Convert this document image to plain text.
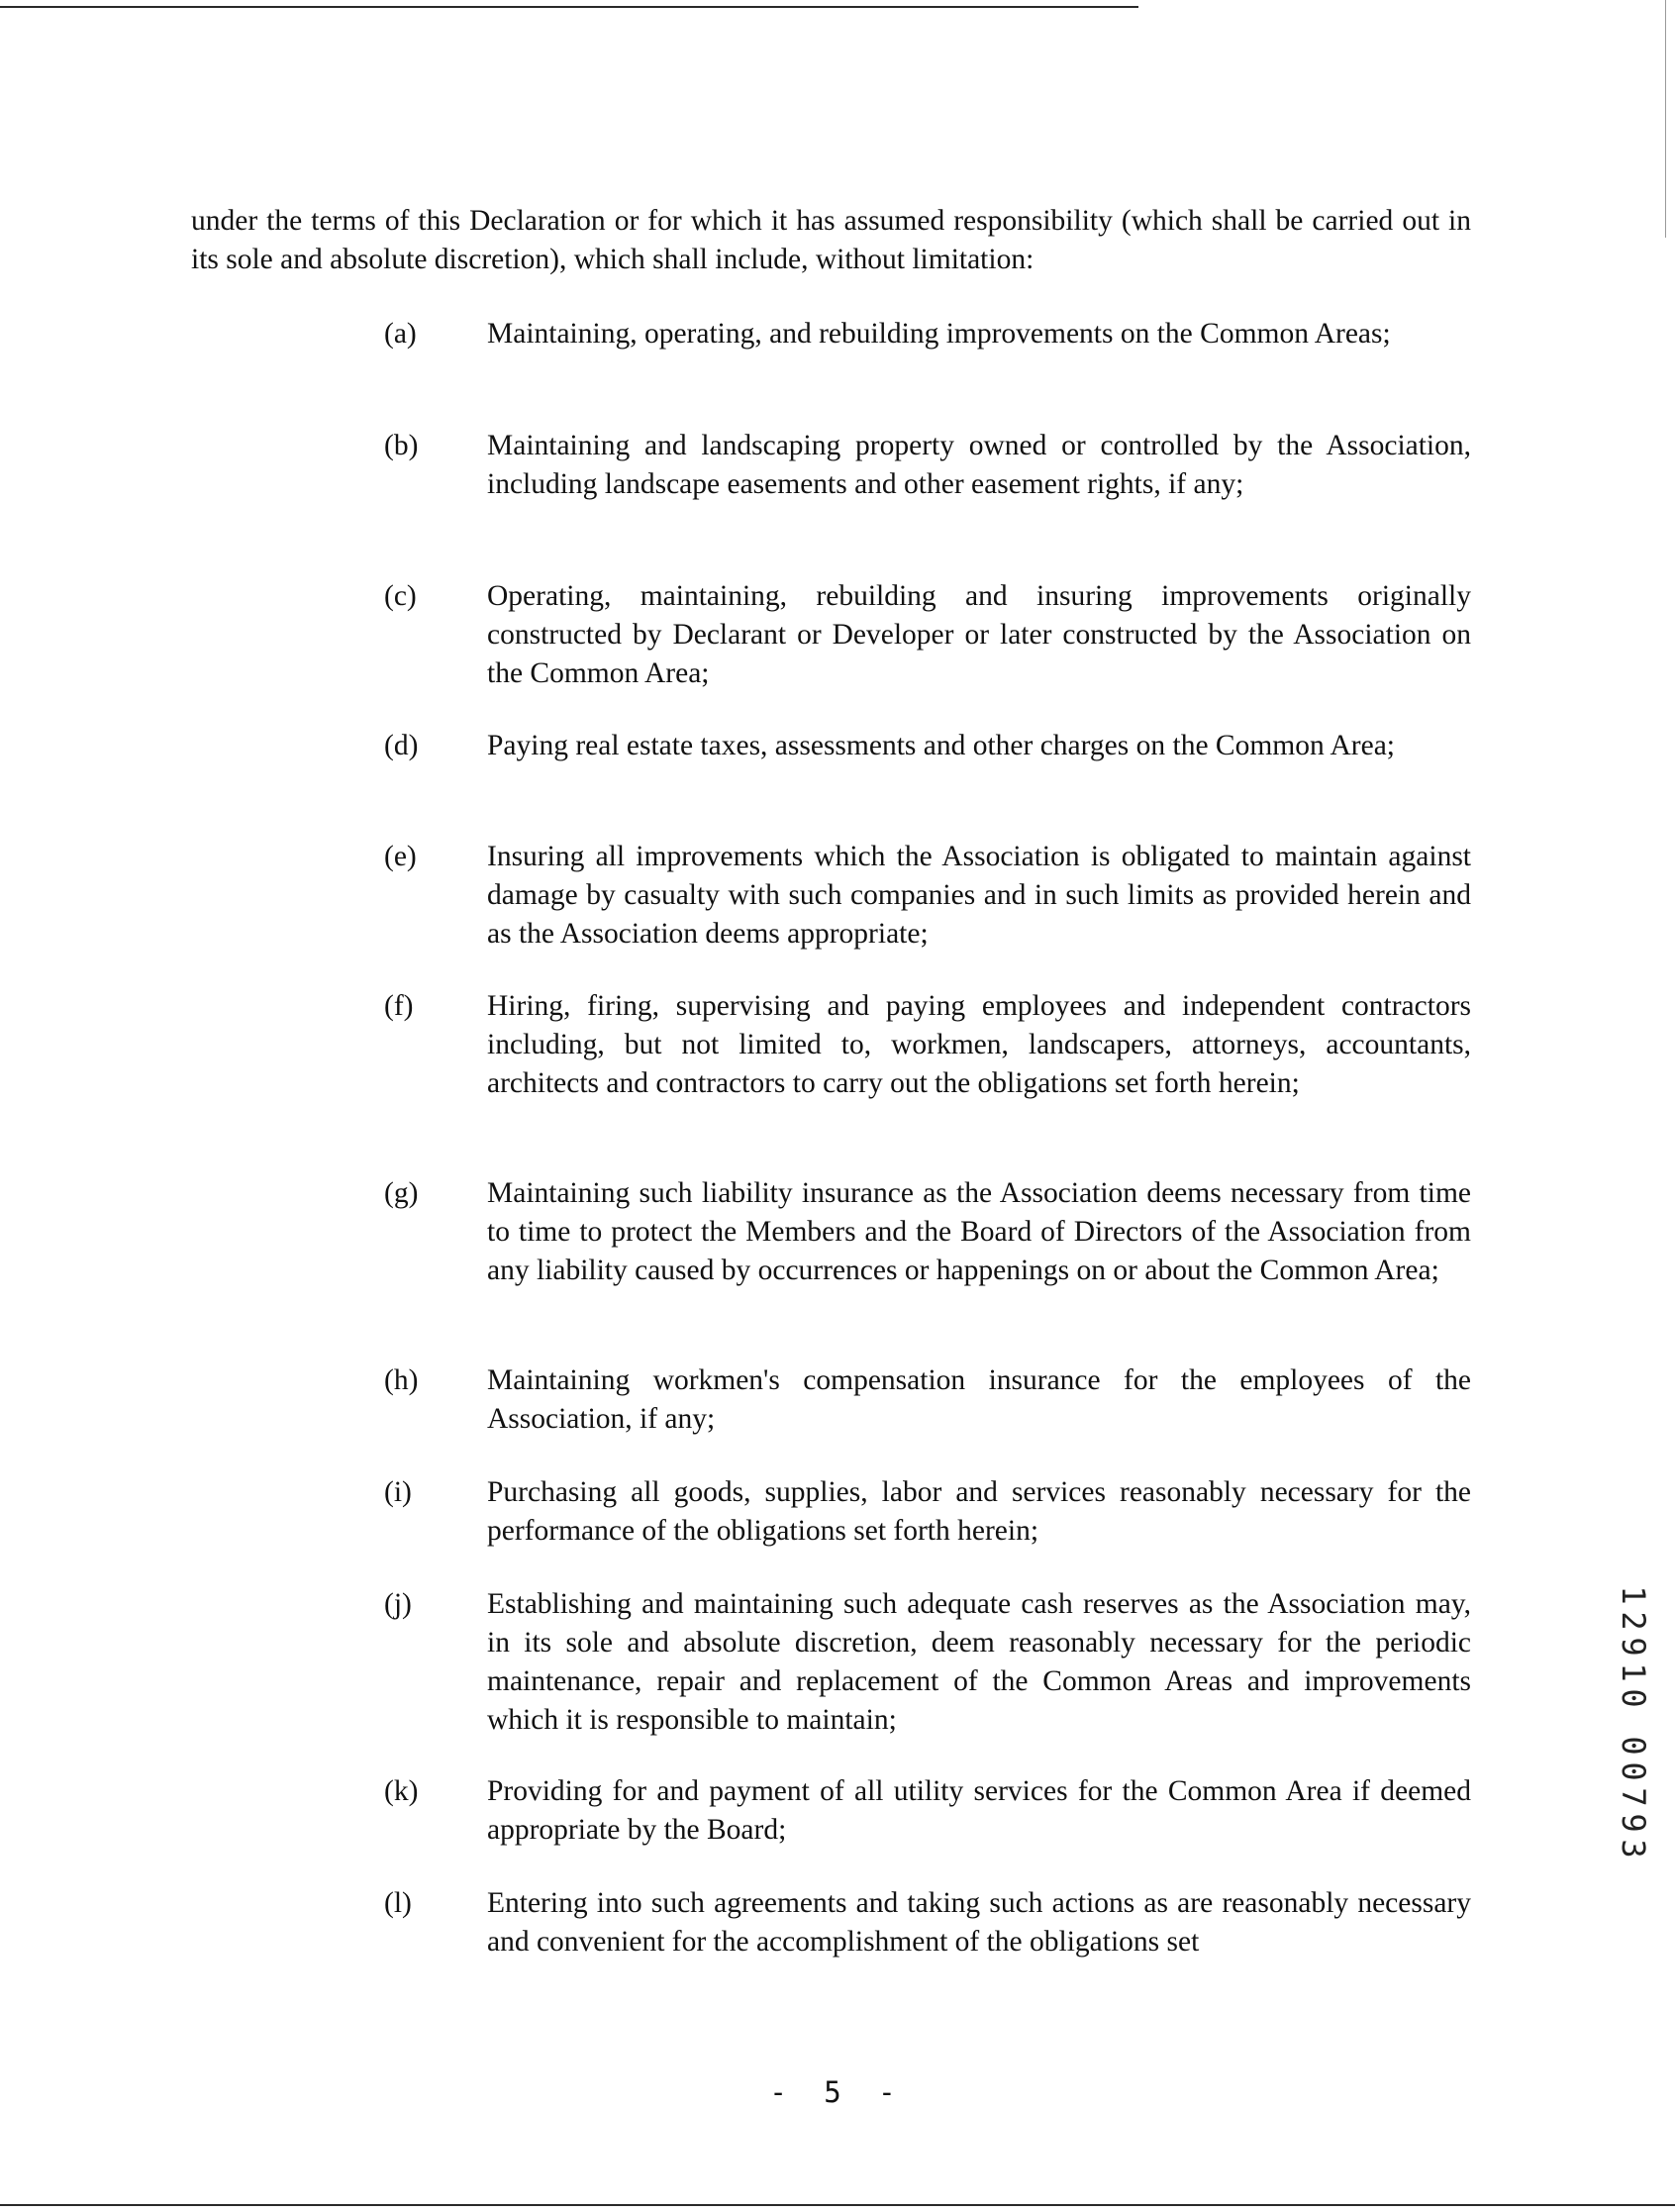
under the terms of this Declaration or for which it has assumed responsibility (which shall be carried out in its sole and absolute discretion), which shall include, without limitation:

(a)	Maintaining, operating, and rebuilding improvements on the Common Areas;
(b)	Maintaining and landscaping property owned or controlled by the Association, including landscape easements and other easement rights, if any;
(c)	Operating, maintaining, rebuilding and insuring improvements originally constructed by Declarant or Developer or later constructed by the Association on the Common Area;
(d)	Paying real estate taxes, assessments and other charges on the Common Area;
(e)	Insuring all improvements which the Association is obligated to maintain against damage by casualty with such companies and in such limits as provided herein and as the Association deems appropriate;
(f)	Hiring, firing, supervising and paying employees and independent contractors including, but not limited to, workmen, landscapers, attorneys, accountants, architects and contractors to carry out the obligations set forth herein;
(g)	Maintaining such liability insurance as the Association deems necessary from time to time to protect the Members and the Board of Directors of the Association from any liability caused by occurrences or happenings on or about the Common Area;
(h)	Maintaining workmen's compensation insurance for the employees of the Association, if any;
(i)	Purchasing all goods, supplies, labor and services reasonably necessary for the performance of the obligations set forth herein;
(j)	Establishing and maintaining such adequate cash reserves as the Association may, in its sole and absolute discretion, deem reasonably necessary for the periodic maintenance, repair and replacement of the Common Areas and improvements which it is responsible to maintain;
(k)	Providing for and payment of all utility services for the Common Area if deemed appropriate by the Board;
(l)	Entering into such agreements and taking such actions as are reasonably necessary and convenient for the accomplishment of the obligations set
1
2
9
1
0
0
0
7
9
3
- 5 -
